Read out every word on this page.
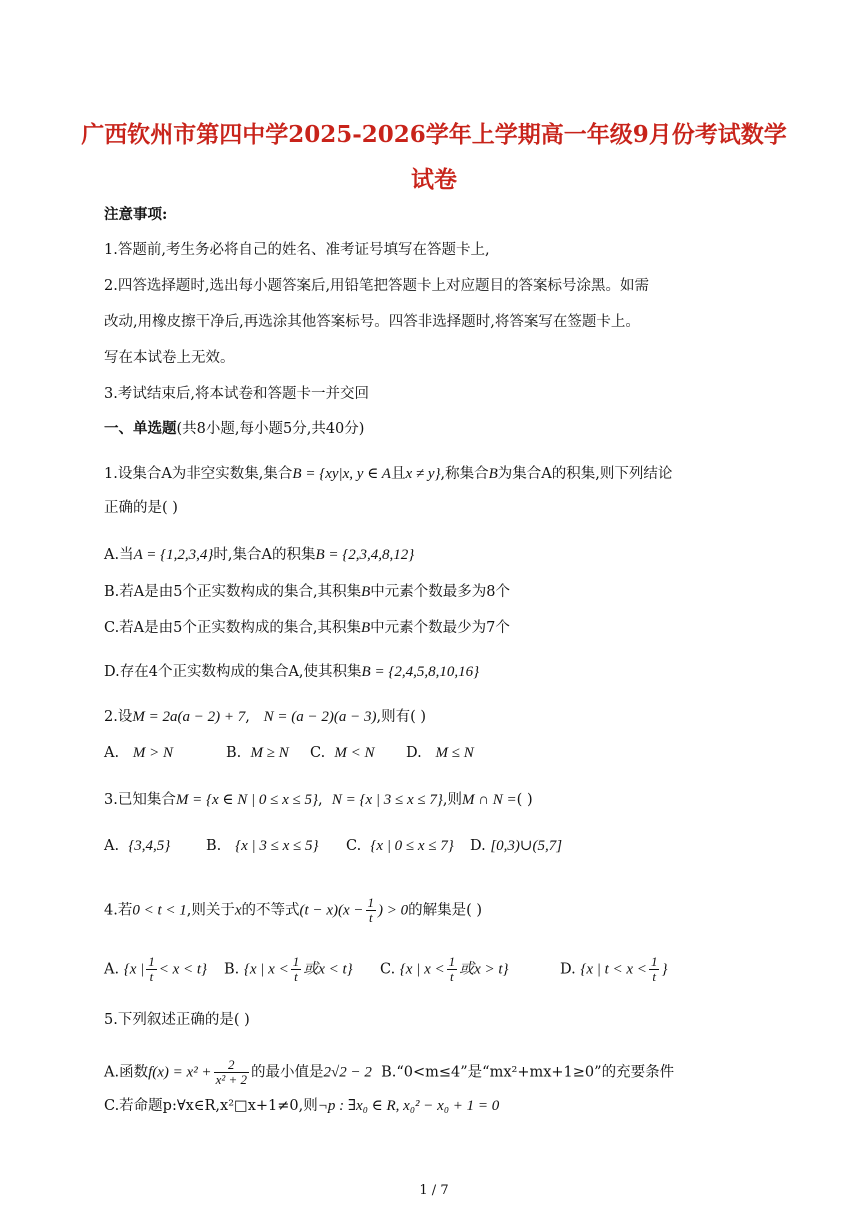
广西钦州市第四中学2025-2026学年上学期高一年级9月份考试数学
试卷
注意事项:
1.答题前,考生务必将自己的姓名、准考证号填写在答题卡上,
2.四答选择题时,选出每小题答案后,用铅笔把答题卡上对应题目的答案标号涂黑。如需
改动,用橡皮擦干净后,再选涂其他答案标号。四答非选择题时,将答案写在签题卡上。
写在本试卷上无效。
3.考试结束后,将本试卷和答题卡一并交回
一、单选题(共8小题,每小题5分,共40分)
1.设集合A为非空实数集,集合B = {xy|x, y ∈ A且x ≠ y},称集合B为集合A的积集,则下列结论
正确的是( )
A.当A = {1,2,3,4}时,集合A的积集B = {2,3,4,8,12}
B.若A是由5个正实数构成的集合,其积集B中元素个数最多为8个
C.若A是由5个正实数构成的集合,其积集B中元素个数最少为7个
D.存在4个正实数构成的集合A,使其积集B = {2,4,5,8,10,16}
2.设M = 2a(a − 2) + 7,   N = (a − 2)(a − 3),则有( )
A. M > N	B. M ≥ N C. M < N D. M ≤ N
3.已知集合M = {x ∈ N | 0 ≤ x ≤ 5},  N = {x | 3 ≤ x ≤ 7},则M ∩ N =( )
A. {3,4,5} B. {x | 3 ≤ x ≤ 5} C. {x | 0 ≤ x ≤ 7} D. [0,3)∪(5,7]
4.若0 < t < 1,则关于x的不等式$(t - x)(x - \frac{1}{t}$ ) > 0的解集是( )
A. {x | $\frac{1}{t} < x < t$} B. {x | $x < \frac{1}{t}$ 或x < t} C. {x | $x < \frac{1}{t}$ 或x > t}	D. {x | $t < x < \frac{1}{t}$ }
5.下列叙述正确的是( )
A.函数$f(x) = x^2 + \frac{2}{\text{x² + 2}}$ 的最小值是2√2 − 2 B.“0<m≤4”是“mx²+mx+1≥0”的充要条件
C.若命题p:∀x∈R,x²□x+1≠0,则¬p : ∃x₀ ∈ R, x₀² − x₀ + 1 = 0
1 / 7
